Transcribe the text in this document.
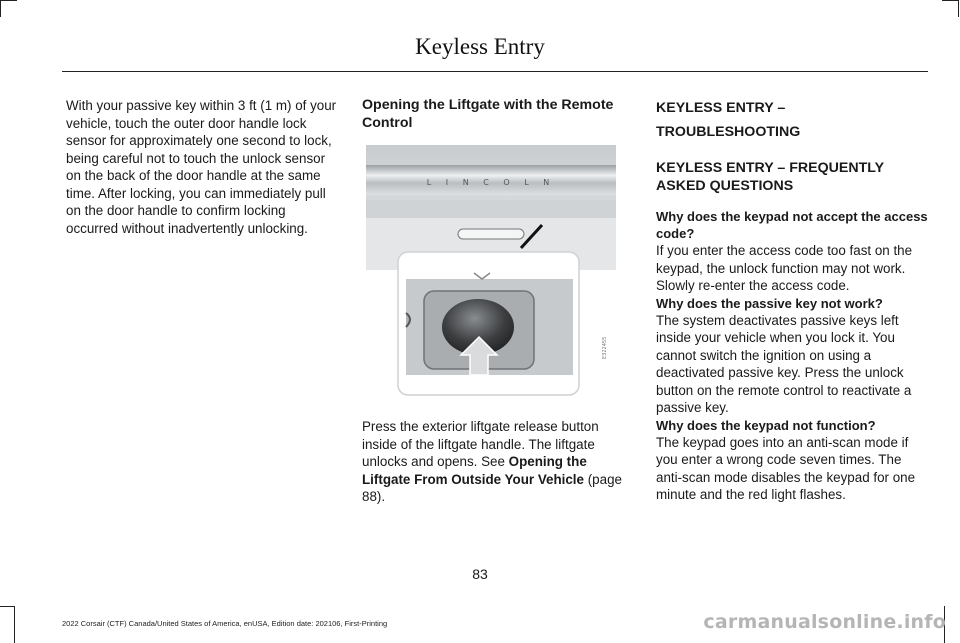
Keyless Entry

With your passive key within 3 ft (1 m) of your vehicle, touch the outer door handle lock sensor for approximately one second to lock, being careful not to touch the unlock sensor on the back of the door handle at the same time. After locking, you can immediately pull on the door handle to confirm locking occurred without inadvertently unlocking.

Opening the Liftgate with the Remote Control
L I N C O L N
E322455

Press the exterior liftgate release button inside of the liftgate handle. The liftgate unlocks and opens. See Opening the Liftgate From Outside Your Vehicle (page 88).

KEYLESS ENTRY –
TROUBLESHOOTING
KEYLESS ENTRY – FREQUENTLY ASKED QUESTIONS

Why does the keypad not accept the access code?

If you enter the access code too fast on the keypad, the unlock function may not work. Slowly re-enter the access code.

Why does the passive key not work?

The system deactivates passive keys left inside your vehicle when you lock it. You cannot switch the ignition on using a deactivated passive key. Press the unlock button on the remote control to reactivate a passive key.

Why does the keypad not function?

The keypad goes into an anti-scan mode if you enter a wrong code seven times. The anti-scan mode disables the keypad for one minute and the red light flashes.

83
2022 Corsair (CTF) Canada/United States of America, enUSA, Edition date: 202106, First-Printing	carmanualsonline.info
